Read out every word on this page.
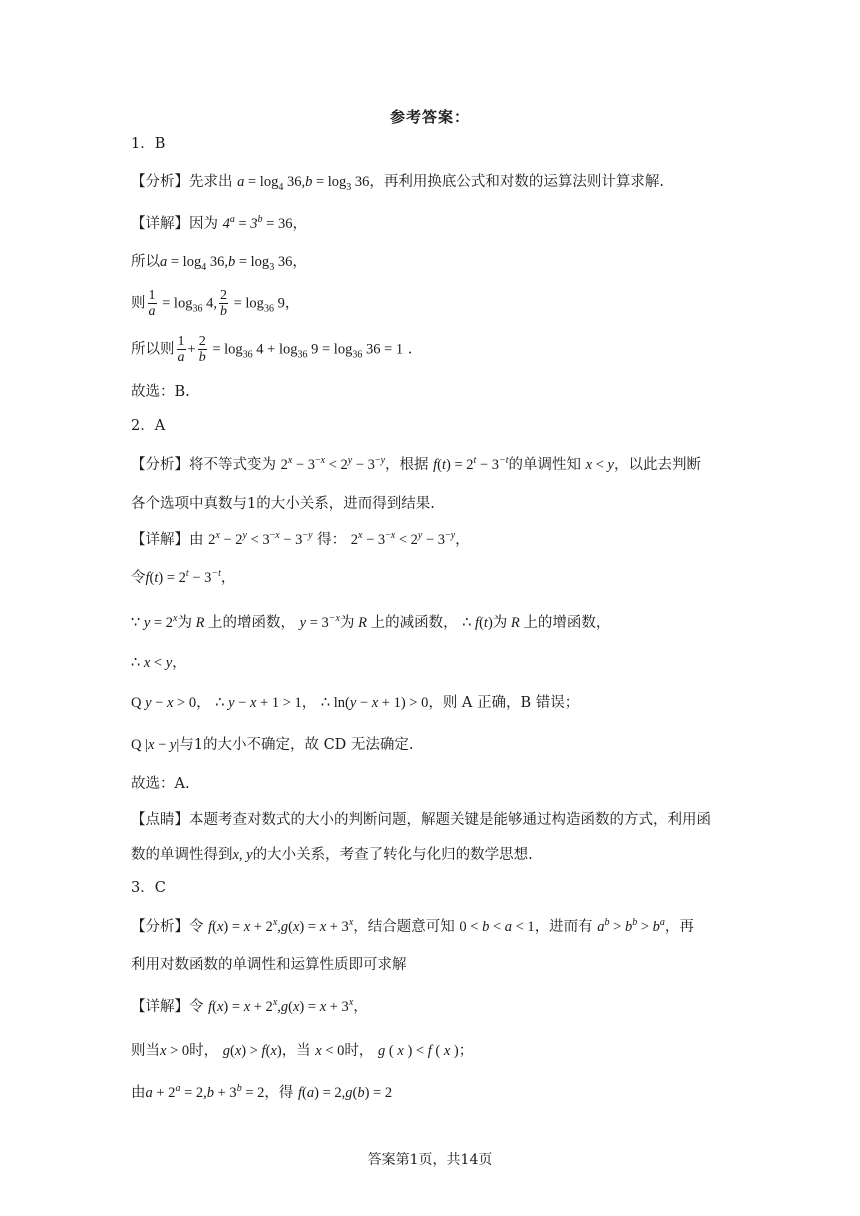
参考答案：
1．B
【分析】先求出 $a = \log_4 36,b = \log_3 36$，再利用换底公式和对数的运算法则计算求解.
【详解】因为 $4^a = 3^b = 36$，
所以$a = \log_4 36,b = \log_3 36$，
则 $\frac{1}{a} = \log_{36} 4$, $\frac{2}{b} = \log_{36} 9$，
所以则 $\frac{1}{a} + \frac{2}{b} = \log_{36} 4 + \log_{36} 9 = \log_{36} 36 = 1$ .
故选：B.
2．A
【分析】将不等式变为 $2^x - 3^{-x} < 2^y - 3^{-y}$，根据 $f(t) = 2^t - 3^{-t}$的单调性知 x < y，以此去判断
各个选项中真数与1的大小关系，进而得到结果.
【详解】由 $2^x - 2^y < 3^{-x} - 3^{-y}$ 得： $2^x - 3^{-x} < 2^y - 3^{-y}$，
令$f(t) = 2^t - 3^{-t}$，
∵ $y = 2^x$为 R 上的增函数， $y = 3^{-x}$为 R 上的减函数， ∴ f(t)为 R 上的增函数，
∴ x < y，
Q y − x > 0， ∴ y − x + 1 > 1， ∴ ln(y − x + 1) > 0，则 A 正确，B 错误；
Q |x − y|与1的大小不确定，故 CD 无法确定.
故选：A.
【点睛】本题考查对数式的大小的判断问题，解题关键是能够通过构造函数的方式，利用函
数的单调性得到x, y的大小关系，考查了转化与化归的数学思想.
3．C
【分析】令 $f(x) = x + 2^x,g(x) = x + 3^x$，结合题意可知 0 < b < a < 1，进而有 $a^b > b^b > b^a$，再
利用对数函数的单调性和运算性质即可求解
【详解】令 $f(x) = x + 2^x,g(x) = x + 3^x$，
则当x > 0时， g(x) > f(x)，当 x < 0时， g ( x ) < f ( x )；
由$a + 2^a = 2,b + 3^b = 2$，得 f(a) = 2,g(b) = 2
答案第1页，共14页
